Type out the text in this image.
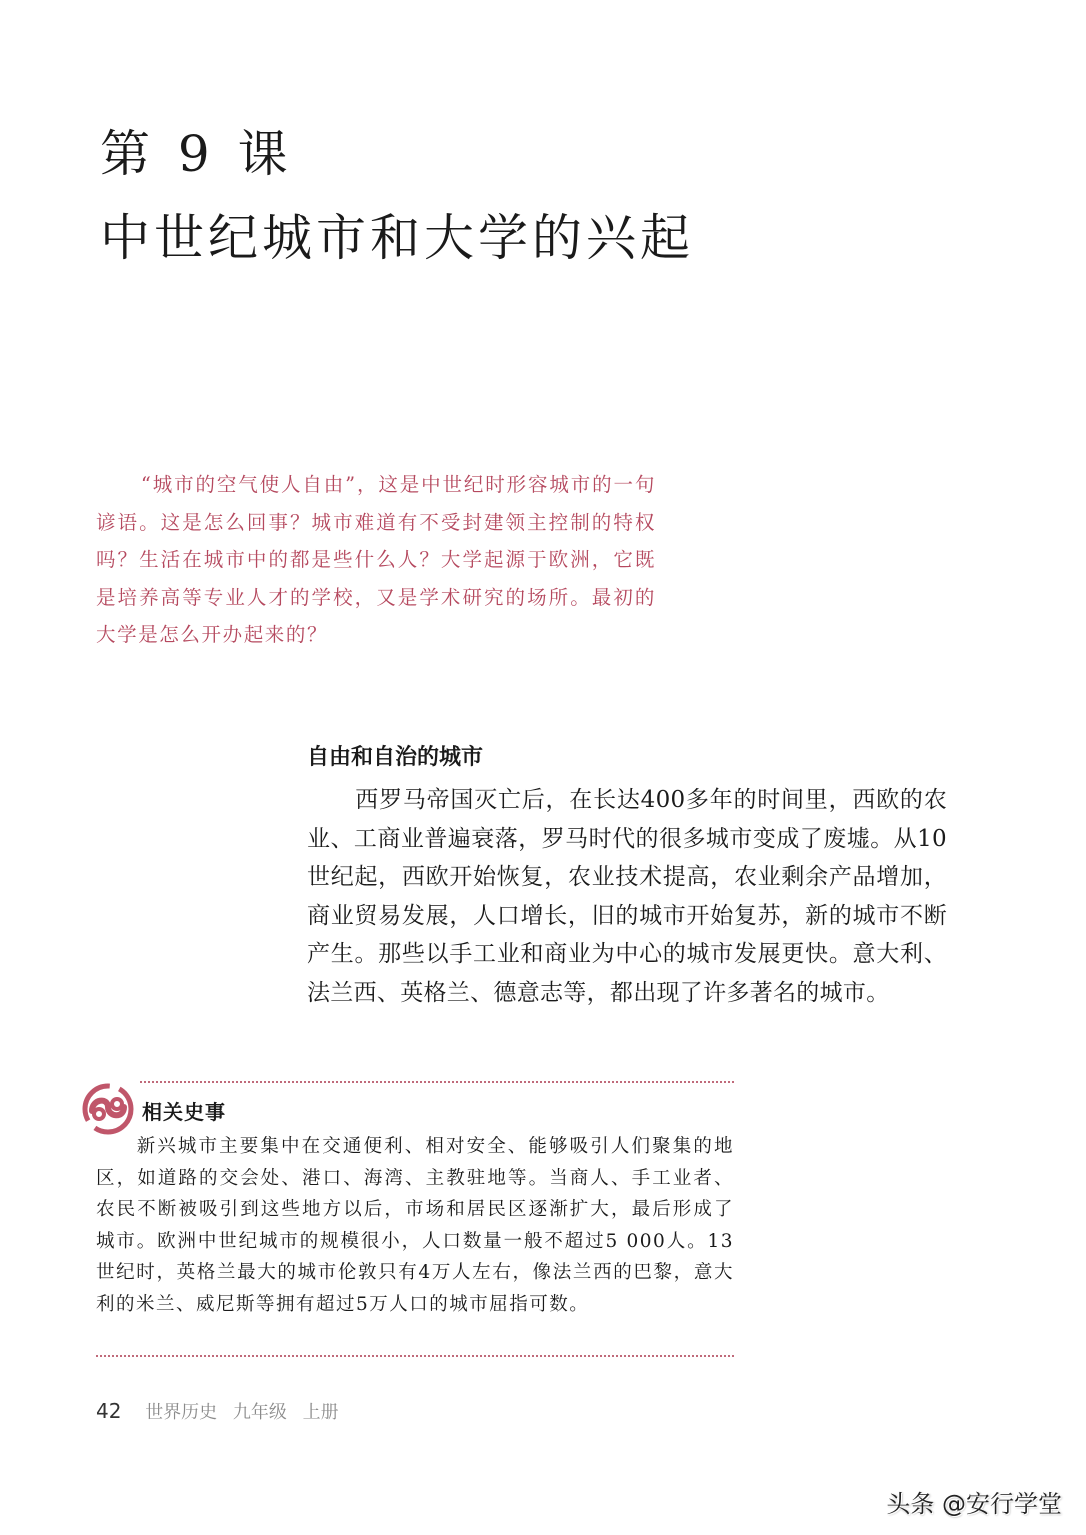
第 9 课
中世纪城市和大学的兴起
“城市的空气使人自由”，这是中世纪时形容城市的一句谚语。这是怎么回事？城市难道有不受封建领主控制的特权吗？生活在城市中的都是些什么人？大学起源于欧洲，它既是培养高等专业人才的学校，又是学术研究的场所。最初的大学是怎么开办起来的？
自由和自治的城市
西罗马帝国灭亡后，在长达400多年的时间里，西欧的农业、工商业普遍衰落，罗马时代的很多城市变成了废墟。从10世纪起，西欧开始恢复，农业技术提高，农业剩余产品增加，商业贸易发展，人口增长，旧的城市开始复苏，新的城市不断产生。那些以手工业和商业为中心的城市发展更快。意大利、法兰西、英格兰、德意志等，都出现了许多著名的城市。
相关史事
新兴城市主要集中在交通便利、相对安全、能够吸引人们聚集的地区，如道路的交会处、港口、海湾、主教驻地等。当商人、手工业者、农民不断被吸引到这些地方以后，市场和居民区逐渐扩大，最后形成了城市。欧洲中世纪城市的规模很小，人口数量一般不超过5 000人。13世纪时，英格兰最大的城市伦敦只有4万人左右，像法兰西的巴黎，意大利的米兰、威尼斯等拥有超过5万人口的城市屈指可数。
42 世界历史 九年级 上册
头条 @安行学堂
